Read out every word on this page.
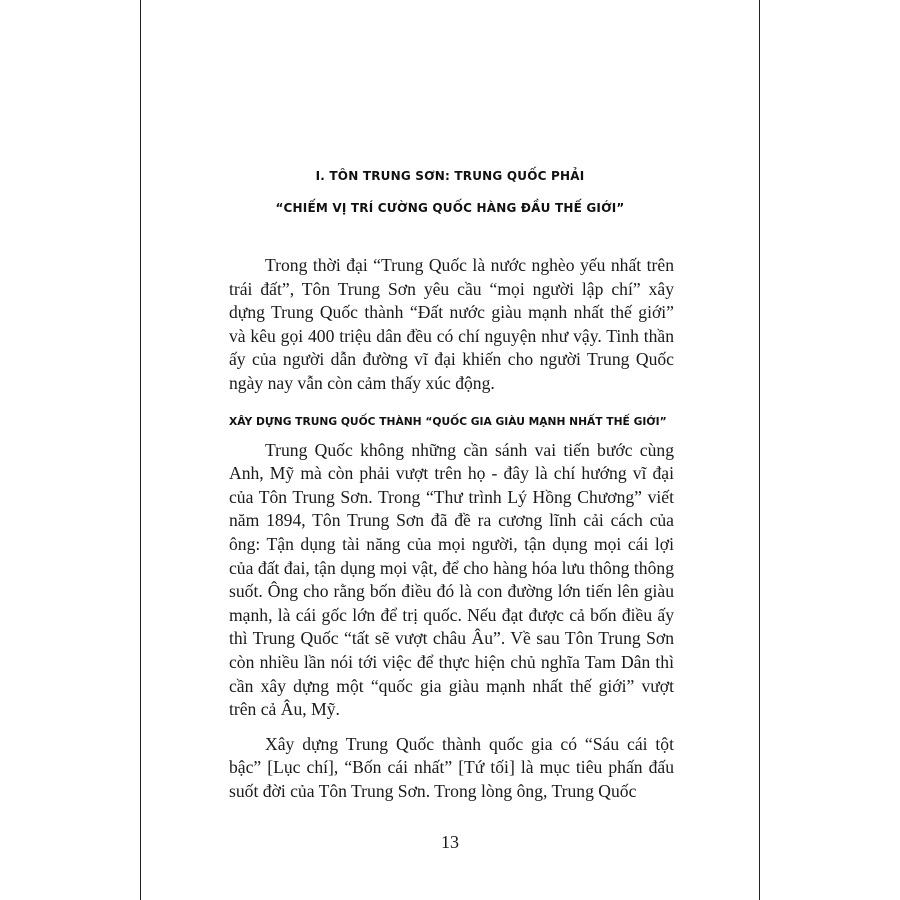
I. TÔN TRUNG SƠN: TRUNG QUỐC PHẢI
“CHIẾM VỊ TRÍ CƯỜNG QUỐC HÀNG ĐẦU THẾ GIỚI”

Trong thời đại “Trung Quốc là nước nghèo yếu nhất trên trái đất”, Tôn Trung Sơn yêu cầu “mọi người lập chí” xây dựng Trung Quốc thành “Đất nước giàu mạnh nhất thế giới” và kêu gọi 400 triệu dân đều có chí nguyện như vậy. Tinh thần ấy của người dẫn đường vĩ đại khiến cho người Trung Quốc ngày nay vẫn còn cảm thấy xúc động.

XÂY DỰNG TRUNG QUỐC THÀNH “QUỐC GIA GIÀU MẠNH NHẤT THẾ GIỚI”

Trung Quốc không những cần sánh vai tiến bước cùng Anh, Mỹ mà còn phải vượt trên họ - đây là chí hướng vĩ đại của Tôn Trung Sơn. Trong “Thư trình Lý Hồng Chương” viết năm 1894, Tôn Trung Sơn đã đề ra cương lĩnh cải cách của ông: Tận dụng tài năng của mọi người, tận dụng mọi cái lợi của đất đai, tận dụng mọi vật, để cho hàng hóa lưu thông thông suốt. Ông cho rằng bốn điều đó là con đường lớn tiến lên giàu mạnh, là cái gốc lớn để trị quốc. Nếu đạt được cả bốn điều ấy thì Trung Quốc “tất sẽ vượt châu Âu”. Về sau Tôn Trung Sơn còn nhiều lần nói tới việc để thực hiện chủ nghĩa Tam Dân thì cần xây dựng một “quốc gia giàu mạnh nhất thế giới” vượt trên cả Âu, Mỹ.

Xây dựng Trung Quốc thành quốc gia có “Sáu cái tột bậc” [Lục chí], “Bốn cái nhất” [Tứ tối] là mục tiêu phấn đấu suốt đời của Tôn Trung Sơn. Trong lòng ông, Trung Quốc

13
